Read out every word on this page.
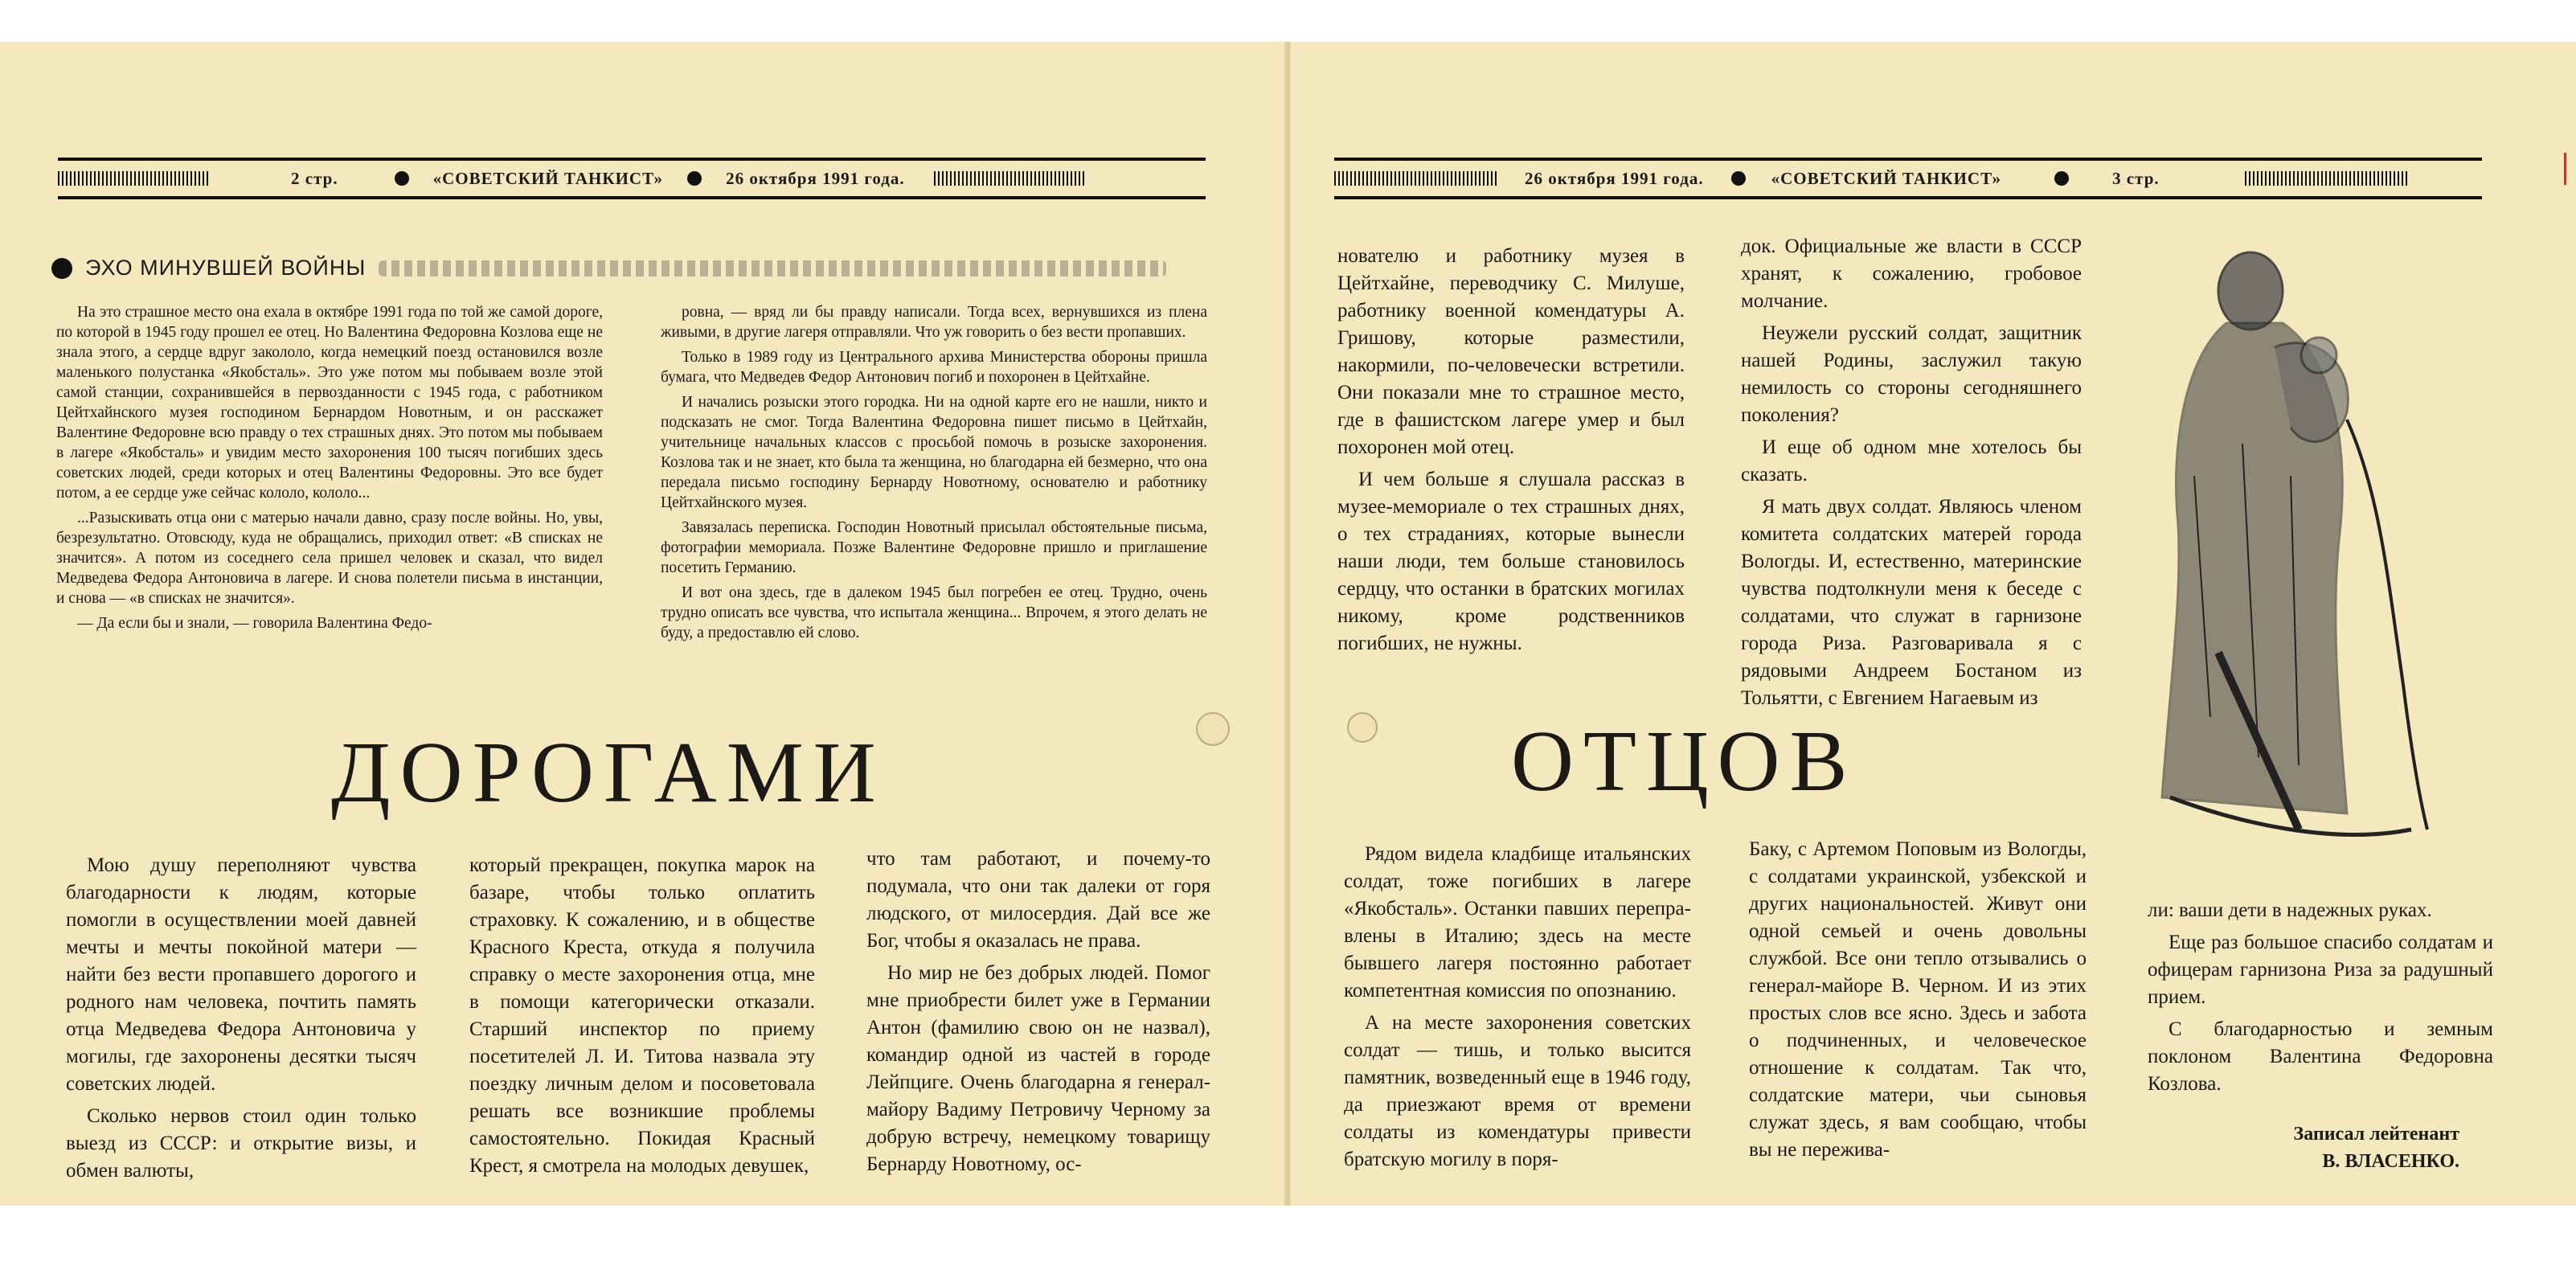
2 стр.	«СОВЕТСКИЙ ТАНКИСТ»	26 октября 1991 года.	26 октября 1991 года.	«СОВЕТСКИЙ ТАНКИСТ»	3 стр.
ЭХО МИНУВШЕЙ ВОЙНЫ

На это страшное место она ехала в октябре 1991 года по той же самой дороге, по которой в 1945 году прошел ее отец. Но Валентина Федоровна Козлова еще не знала этого, а сердце вдруг закололо, когда немецкий поезд остановился возле маленького полустанка «Якобсталь». Это уже потом мы побываем возле этой самой станции, сохранившейся в первозданности с 1945 года, с работником Цейтхайнского музея господином Бернардом Новотным, и он расскажет Валентине Федоровне всю правду о тех страшных днях. Это потом мы побываем в лагере «Якобсталь» и увидим место захоронения 100 тысяч погибших здесь советских людей, среди которых и отец Валентины Федоровны. Это все будет потом, а ее сердце уже сейчас кололо, кололо...

...Разыскивать отца они с матерью начали давно, сразу после войны. Но, увы, безрезультатно. Отовсюду, куда не обращались, приходил ответ: «В списках не значится». А потом из соседнего села пришел человек и сказал, что видел Медведева Федора Антоновича в лагере. И снова полетели письма в инстанции, и снова — «в списках не значится».

— Да если бы и знали, — говорила Валентина Федо-

ровна, — вряд ли бы правду написали. Тогда всех, вернувшихся из плена живыми, в другие лагеря отправляли. Что уж говорить о без вести пропавших.

Только в 1989 году из Центрального архива Министерства обороны пришла бумага, что Медведев Федор Антонович погиб и похоронен в Цейтхайне.

И начались розыски этого городка. Ни на одной карте его не нашли, никто и подсказать не смог. Тогда Валентина Федоровна пишет письмо в Цейтхайн, учительнице начальных классов с просьбой помочь в розыске захоронения. Козлова так и не знает, кто была та женщина, но благодарна ей безмерно, что она передала письмо господину Бернарду Новотному, основателю и работнику Цейтхайнского музея.

Завязалась переписка. Господин Новотный присылал обстоятельные письма, фотографии мемориала. Позже Валентине Федоровне пришло и приглашение посетить Германию.

И вот она здесь, где в далеком 1945 был погребен ее отец. Трудно, очень трудно описать все чувства, что испытала женщина... Впрочем, я этого делать не буду, а предоставлю ей слово.

ДОРОГАМИ	ОТЦОВ

Мою душу переполняют чувства благодарности к людям, которые помогли в осуществлении моей давней мечты и мечты покойной матери — найти без вести пропавшего дорогого и родного нам человека, почтить память отца Медведева Федора Антоновича у могилы, где захоронены десятки тысяч советских людей.

Сколько нервов стоил один только выезд из СССР: и открытие визы, и обмен валюты,

который прекращен, покупка марок на базаре, чтобы только оплатить страховку. К сожалению, и в обществе Красного Креста, откуда я получила справку о месте захоронения отца, мне в помощи категорически отказали. Старший инспектор по приему посетителей Л. И. Титова назвала эту поездку личным делом и посоветовала решать все возникшие проблемы самостоятельно. Покидая Красный Крест, я смотрела на молодых девушек,

что там работают, и почему-то подумала, что они так далеки от горя людского, от милосердия. Дай все же Бог, чтобы я оказалась не права.

Но мир не без добрых людей. Помог мне приобрести билет уже в Германии Антон (фамилию свою он не назвал), командир одной из частей в городе Лейпциге. Очень благодарна я генерал-майору Вадиму Петровичу Черному за добрую встречу, немецкому товарищу Бернарду Новотному, ос-

нователю и работнику музея в Цейтхайне, переводчику С. Милуше, работнику военной комендатуры А. Гришову, которые разместили, накормили, по-человечески встретили. Они показали мне то страшное место, где в фашистском лагере умер и был похоронен мой отец.

И чем больше я слушала рассказ в музее-мемориале о тех страшных днях, о тех страданиях, которые вынесли наши люди, тем больше становилось сердцу, что останки в братских могилах никому, кроме родственников погибших, не нужны.

док. Официальные же власти в СССР хранят, к сожалению, гробовое молчание.

Неужели русский солдат, защитник нашей Родины, заслужил такую немилость со стороны сегодняшнего поколения?

И еще об одном мне хотелось бы сказать.

Я мать двух солдат. Являюсь членом комитета солдатских матерей города Вологды. И, естественно, материнские чувства подтолкнули меня к беседе с солдатами, что служат в гарнизоне города Риза. Разговаривала я с рядовыми Андреем Бостаном из Тольятти, с Евгением Нагаевым из

Рядом видела кладбище итальянских солдат, тоже погибших в лагере «Якобсталь». Останки павших переправлены в Италию; здесь на месте бывшего лагеря постоянно работает компетентная комиссия по опознанию.

А на месте захоронения советских солдат — тишь, и только высится памятник, возведенный еще в 1946 году, да приезжают время от времени солдаты из комендатуры привести братскую могилу в поря-

Баку, с Артемом Поповым из Вологды, с солдатами украинской, узбекской и других национальностей. Живут они одной семьей и очень довольны службой. Все они тепло отзывались о генерал-майоре В. Черном. И из этих простых слов все ясно. Здесь и забота о подчиненных, и человеческое отношение к солдатам. Так что, солдатские матери, чьи сыновья служат здесь, я вам сообщаю, чтобы вы не пережива-

ли: ваши дети в надежных руках.

Еще раз большое спасибо солдатам и офицерам гарнизона Риза за радушный прием.

С благодарностью и земным поклоном Валентина Федоровна Козлова.

Записал лейтенант
В. ВЛАСЕНКО.
